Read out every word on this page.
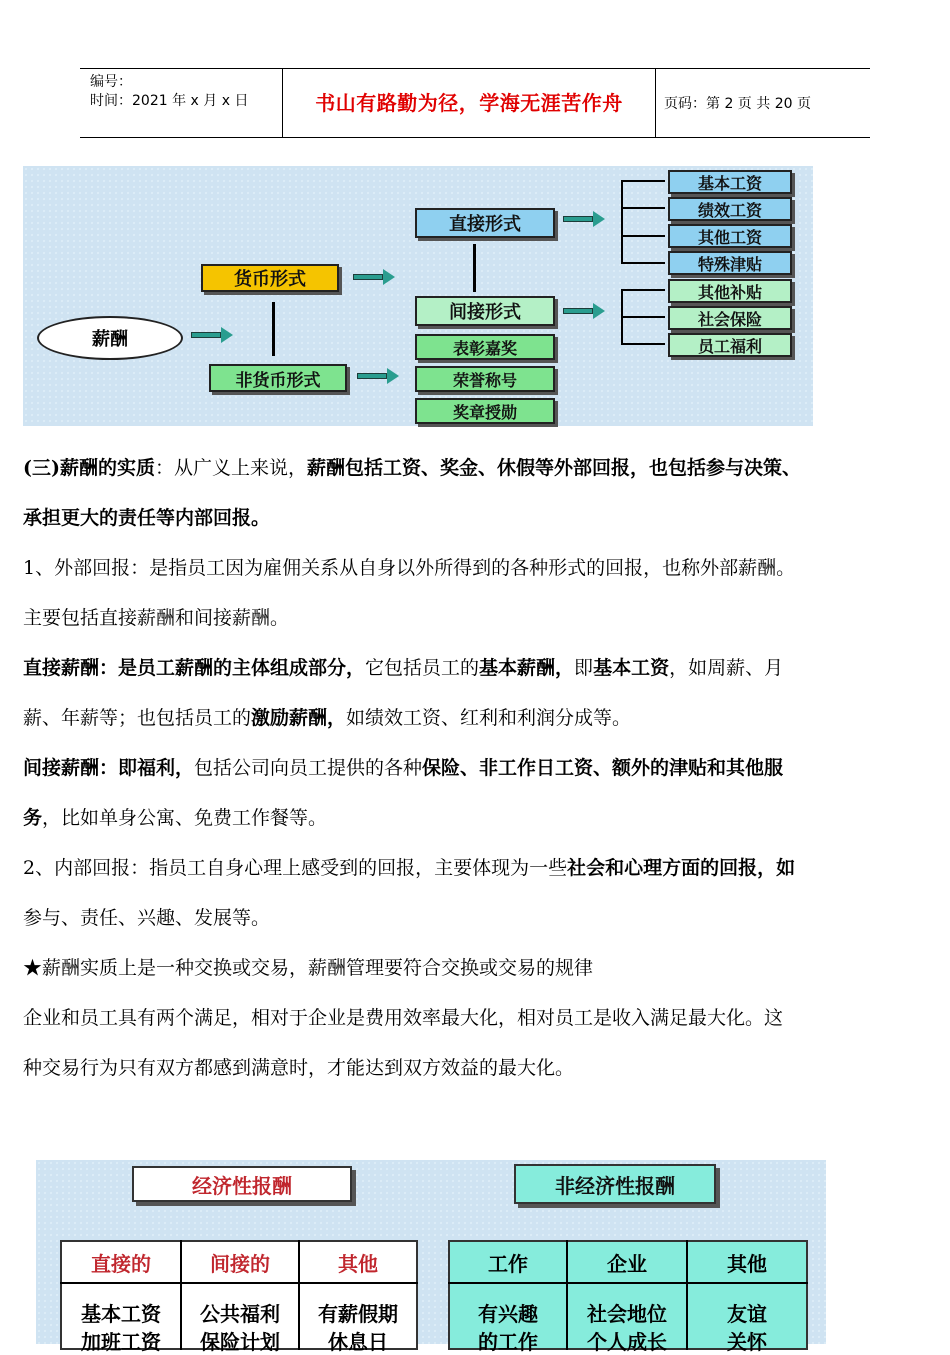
编号：
时间：2021 年 x 月 x 日	书山有路勤为径，学海无涯苦作舟	页码：第 2 页 共 20 页
薪酬
货币形式
非货币形式
直接形式
间接形式
表彰嘉奖
荣誉称号
奖章授勋
基本工资
绩效工资
其他工资
特殊津贴
其他补贴
社会保险
员工福利
(三)薪酬的实质：从广义上来说，薪酬包括工资、奖金、休假等外部回报，也包括参与决策、
承担更大的责任等内部回报。
1、外部回报：是指员工因为雇佣关系从自身以外所得到的各种形式的回报，也称外部薪酬。
主要包括直接薪酬和间接薪酬。
直接薪酬：是员工薪酬的主体组成部分，它包括员工的基本薪酬，即基本工资，如周薪、月
薪、年薪等；也包括员工的激励薪酬，如绩效工资、红利和利润分成等。
间接薪酬：即福利，包括公司向员工提供的各种保险、非工作日工资、额外的津贴和其他服
务，比如单身公寓、免费工作餐等。
2、内部回报：指员工自身心理上感受到的回报，主要体现为一些社会和心理方面的回报，如
参与、责任、兴趣、发展等。
★薪酬实质上是一种交换或交易，薪酬管理要符合交换或交易的规律
企业和员工具有两个满足，相对于企业是费用效率最大化，相对员工是收入满足最大化。这
种交易行为只有双方都感到满意时，才能达到双方效益的最大化。
经济性报酬	非经济性报酬
直接的	间接的	其他
基本工资	公共福利	有薪假期
加班工资	保险计划	休息日
工作	企业	其他
有兴趣	社会地位	友谊
的工作	个人成长	关怀
